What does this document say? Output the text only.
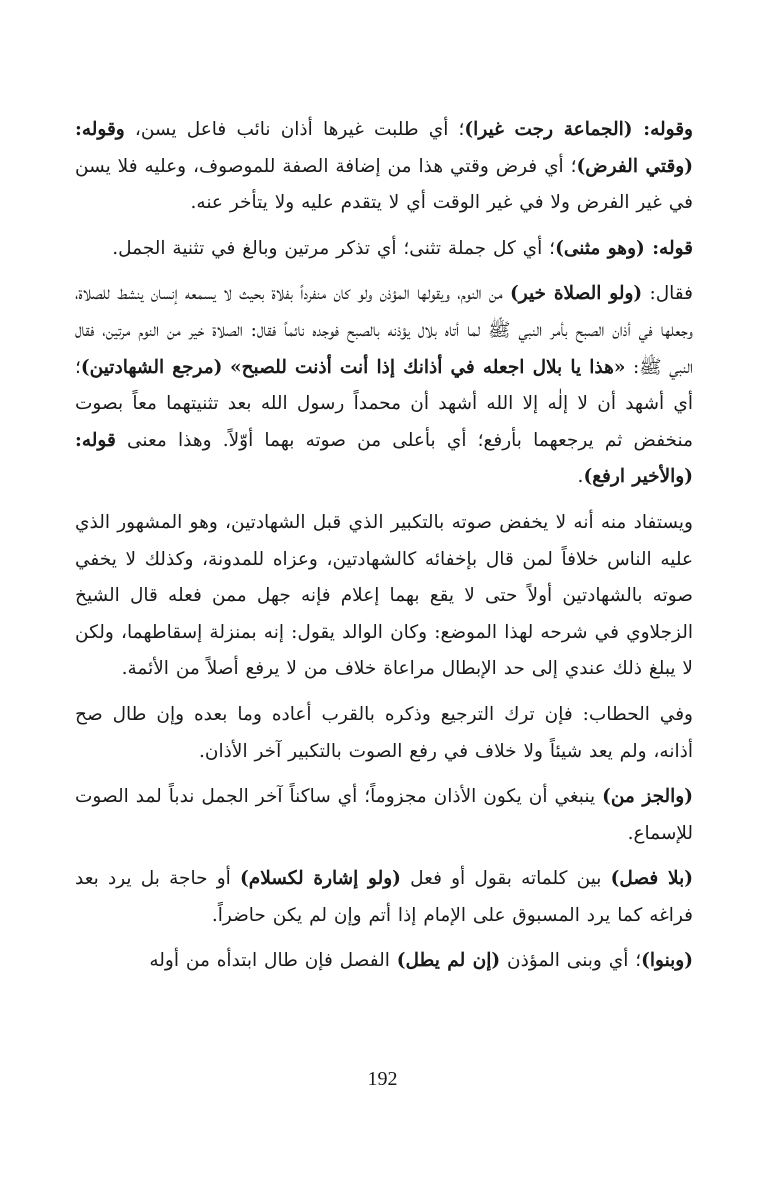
وقوله: (الجماعة رجت غيرا)؛ أي طلبت غيرها أذان نائب فاعل يسن، وقوله: (وقتي الفرض)؛ أي فرض وقتي هذا من إضافة الصفة للموصوف، وعليه فلا يسن في غير الفرض ولا في غير الوقت أي لا يتقدم عليه ولا يتأخر عنه.

قوله: (وهو مثنى)؛ أي كل جملة تثنى؛ أي تذكر مرتين وبالغ في تثنية الجمل.

فقال: (ولو الصلاة خير) من النوم، ويقولها المؤذن ولو كان منفرداً بفلاة بحيث لا يسمعه إنسان ينشط للصلاة، وجعلها في أذان الصبح بأمر النبي ﷺ لما أتاه بلال يؤذنه بالصبح فوجده نائماً فقال: الصلاة خير من النوم مرتين، فقال النبي ﷺ: «هذا يا بلال اجعله في أذانك إذا أنت أذنت للصبح» (مرجع الشهادتين)؛ أي أشهد أن لا إلٰه إلا الله أشهد أن محمداً رسول الله بعد تثنيتهما معاً بصوت منخفض ثم يرجعهما بأرفع؛ أي بأعلى من صوته بهما أوّلاً. وهذا معنى قوله: (والأخير ارفع).

ويستفاد منه أنه لا يخفض صوته بالتكبير الذي قبل الشهادتين، وهو المشهور الذي عليه الناس خلافاً لمن قال بإخفائه كالشهادتين، وعزاه للمدونة، وكذلك لا يخفي صوته بالشهادتين أولاً حتى لا يقع بهما إعلام فإنه جهل ممن فعله قال الشيخ الزجلاوي في شرحه لهذا الموضع: وكان الوالد يقول: إنه بمنزلة إسقاطهما، ولكن لا يبلغ ذلك عندي إلى حد الإبطال مراعاة خلاف من لا يرفع أصلاً من الأئمة.

وفي الحطاب: فإن ترك الترجيع وذكره بالقرب أعاده وما بعده وإن طال صح أذانه، ولم يعد شيئاً ولا خلاف في رفع الصوت بالتكبير آخر الأذان.

(والجز من) ينبغي أن يكون الأذان مجزوماً؛ أي ساكناً آخر الجمل ندباً لمد الصوت للإسماع.

(بلا فصل) بين كلماته بقول أو فعل (ولو إشارة لكسلام) أو حاجة بل يرد بعد فراغه كما يرد المسبوق على الإمام إذا أتم وإن لم يكن حاضراً.

(وبنوا)؛ أي وبنى المؤذن (إن لم يطل) الفصل فإن طال ابتدأه من أوله

192
